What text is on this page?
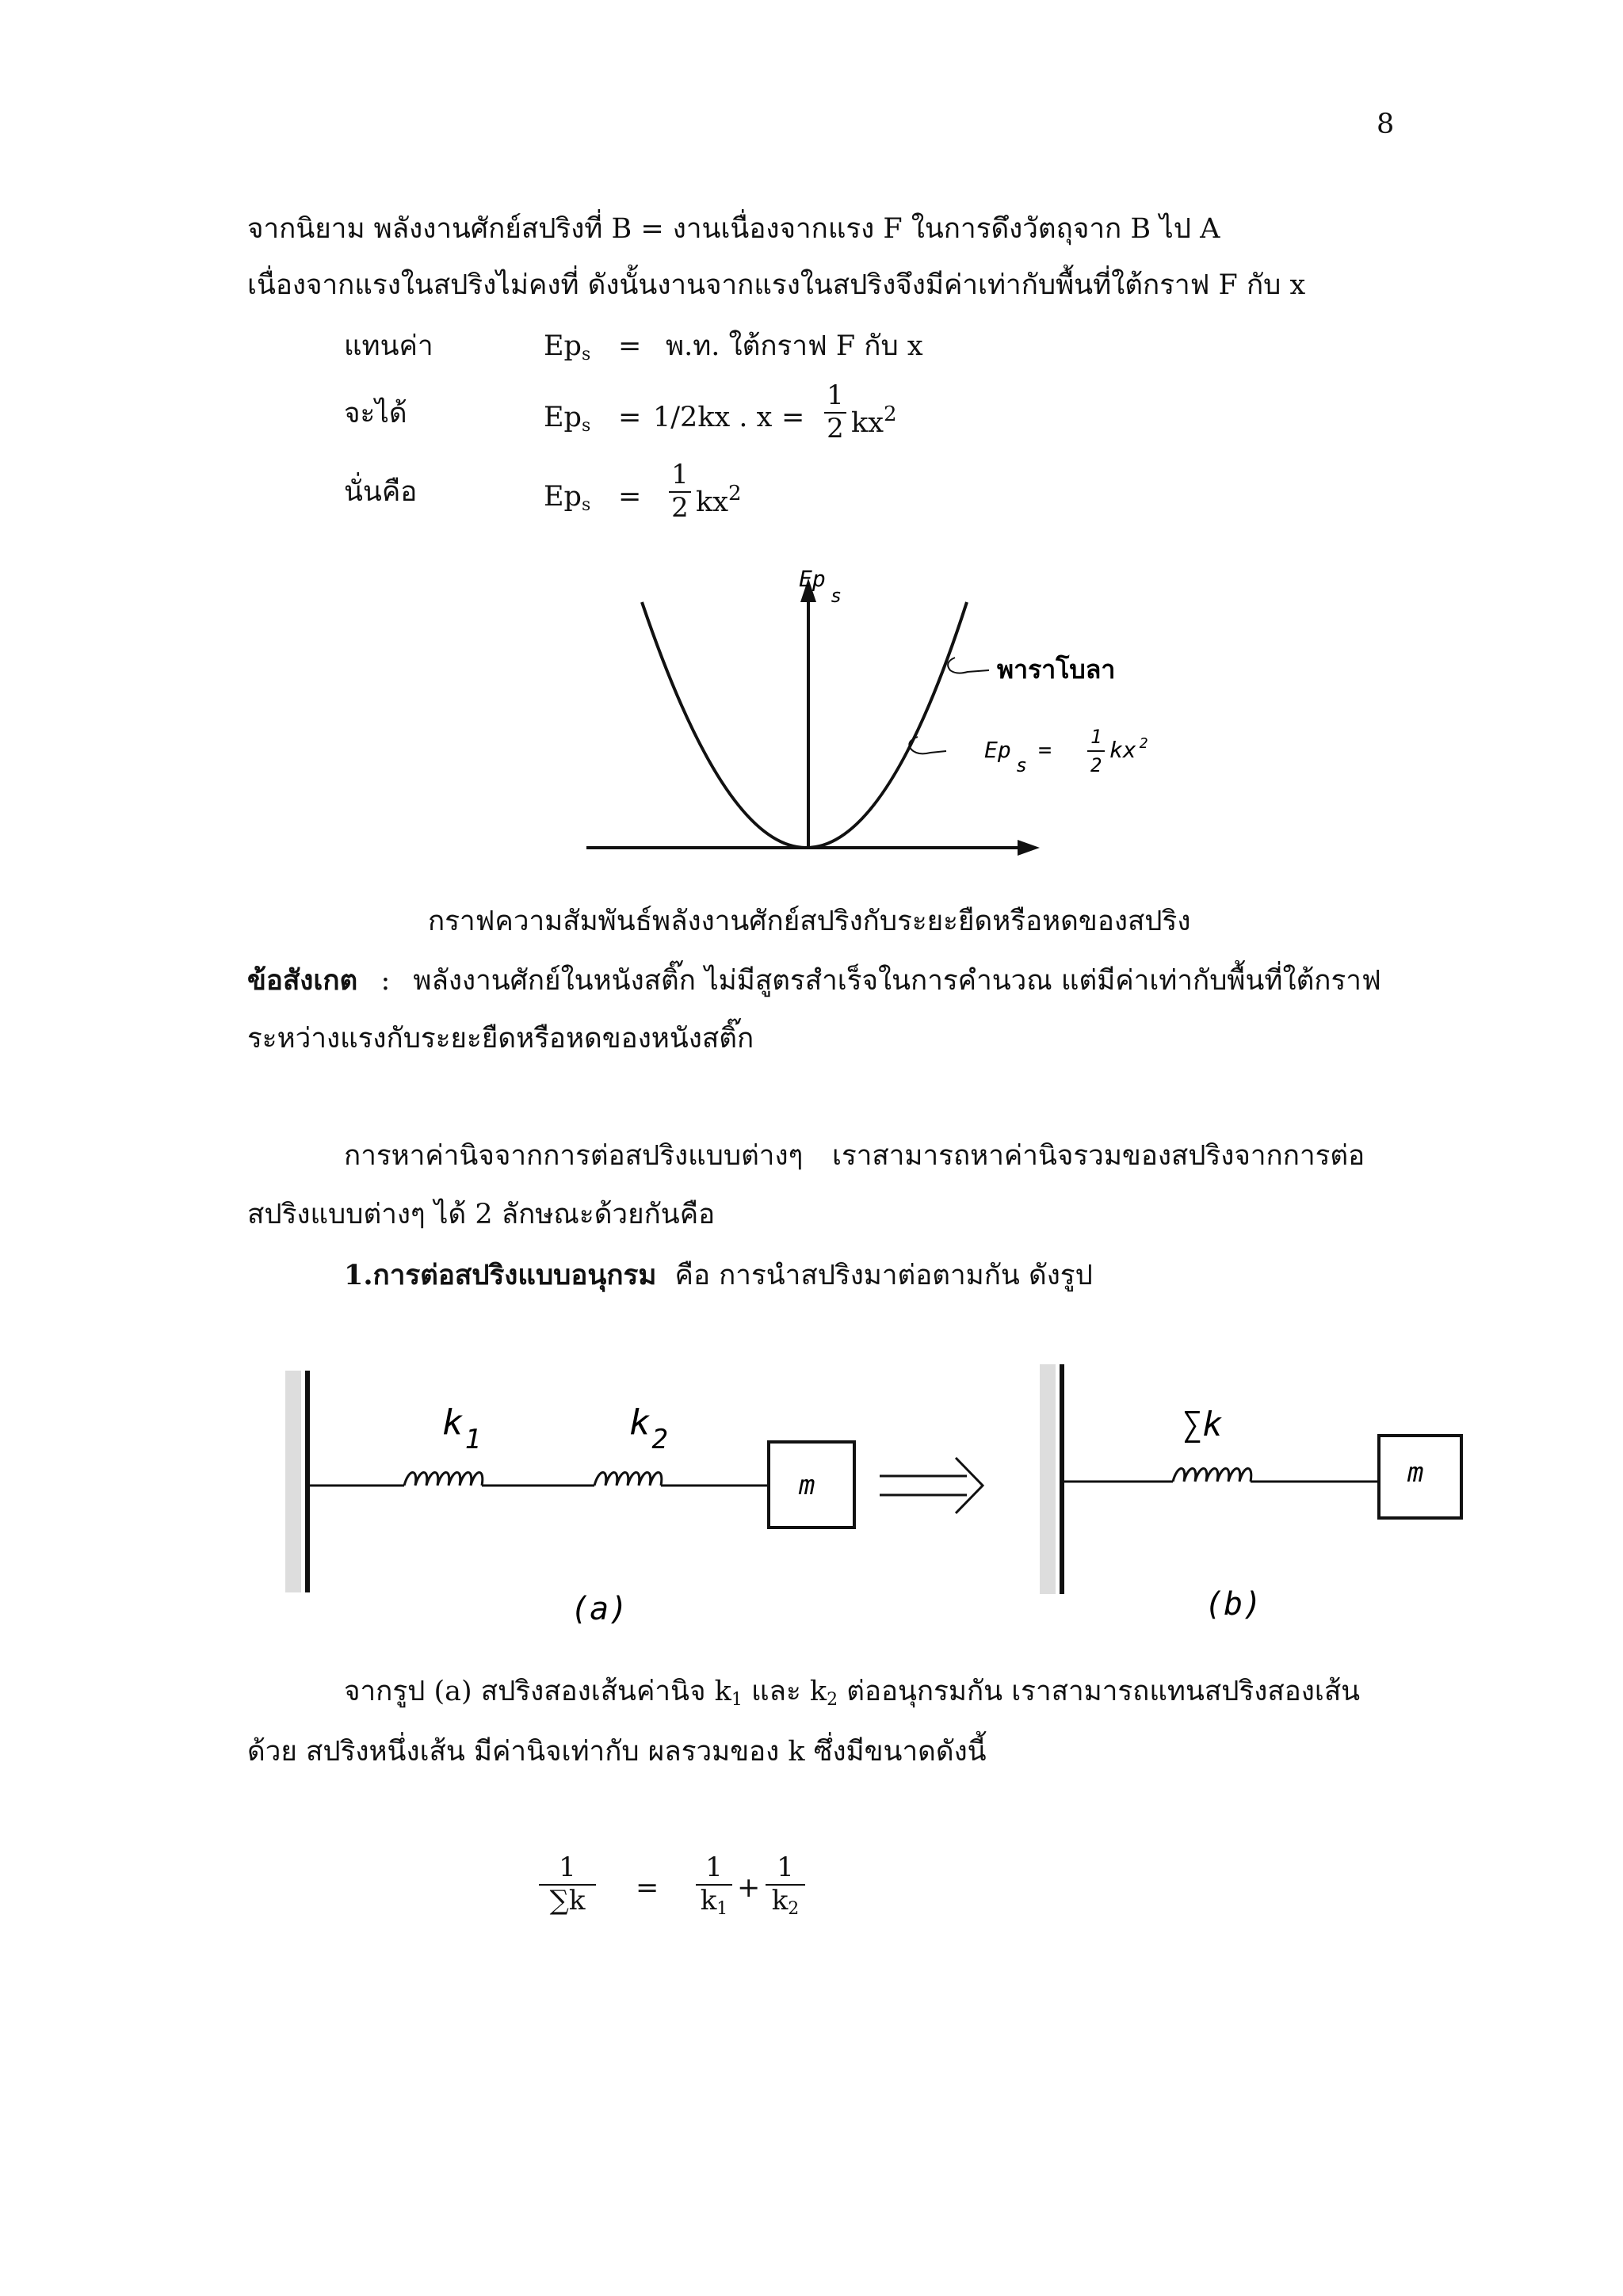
8
จากนิยาม พลังงานศักย์สปริงที่ B = งานเนื่องจากแรง F ในการดึงวัตถุจาก B ไป A
เนื่องจากแรงในสปริงไม่คงที่ ดังนั้นงานจากแรงในสปริงจึงมีค่าเท่ากับพื้นที่ใต้กราฟ F กับ x
แทนค่า	$Ep_s$ = พ.ท. ใต้กราฟ F กับ x
จะได้	$Ep_s = 1/2kx$ . x =
1
2 $kx^2$
นั่นคือ	$Ep_s$ =
1
2 $kx^2$
Eps
พาราโบลา
Eps= 1
2
kx $^2$
กราฟความสัมพันธ์พลังงานศักย์สปริงกับระยะยืดหรือหดของสปริง
ข้อสังเกต : พลังงานศักย์ในหนังสติ๊ก ไม่มีสูตรสำเร็จในการคำนวณ แต่มีค่าเท่ากับพื้นที่ใต้กราฟ
ระหว่างแรงกับระยะยืดหรือหดของหนังสติ๊ก
การหาค่านิจจากการต่อสปริงแบบต่างๆ เราสามารถหาค่านิจรวมของสปริงจากการต่อ
สปริงแบบต่างๆ ได้ 2 ลักษณะด้วยกันคือ
1.การต่อสปริงแบบอนุกรม คือ การนำสปริงมาต่อตามกัน ดังรูป
m
$k_1$	$k_2$
(a)
m
∑k
(b)
จากรูป (a) สปริงสองเส้นค่านิจ $k_1$ และ $k_2$ ต่ออนุกรมกัน เราสามารถแทนสปริงสองเส้น
ด้วย สปริงหนึ่งเส้น มีค่านิจเท่ากับ ผลรวมของ k ซึ่งมีขนาดดังนี้
1
∑k	=
1
$k_1$
+
1
$k_2$
